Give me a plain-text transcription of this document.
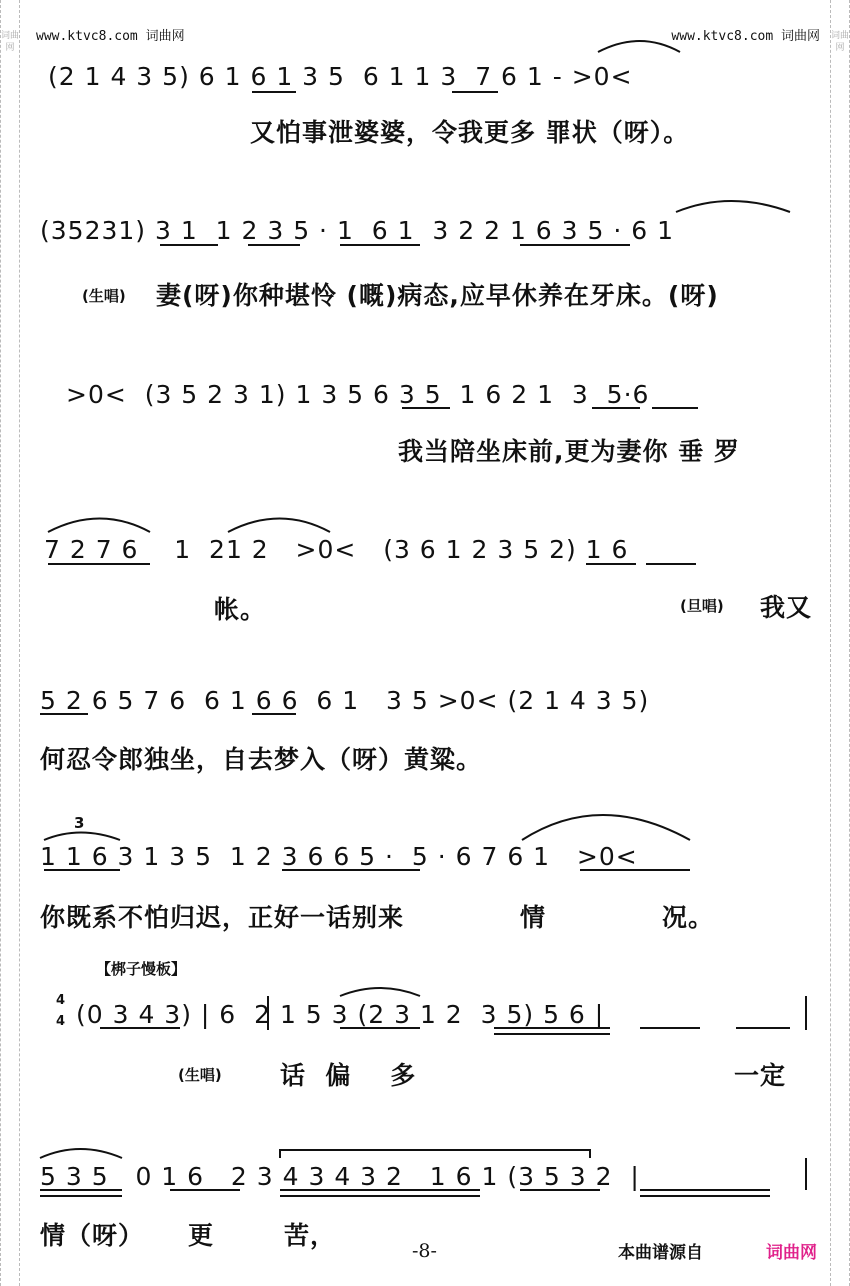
词曲网
词曲网
www.ktvc8.com 词曲网	www.ktvc8.com 词曲网
(2 1 4 3 5) 6 1 6 1 3 5  6 1 1 3  7 6 1 - >0<
又怕事泄婆婆，令我更多 罪状（呀）。
(35231) 3 1  1 2 3 5 · 1  6 1  3 2 2 1 6 3 5 · 6 1
(生唱) 妻(呀)你种堪怜 (嘅)病态,应早休养在牙床。(呀)
>0<  (3 5 2 3 1) 1 3 5 6 3 5  1 6 2 1  3  5·6
我当陪坐床前,更为妻你 垂 罗
7 2 7 6    1  21 2   >0<   (3 6 1 2 3 5 2) 1 6
帐。	(旦唱) 我又
5 2 6 5 7 6  6 1 6 6  6 1   3 5 >0< (2 1 4 3 5)
何忍令郎独坐，自去梦入（呀）黄粱。
3
1 1 6 3 1 3 5  1 2 3 6 6 5 ·  5 · 6 7 6 1   >0<
你既系不怕归迟，正好一话别来	情	况。
【梆子慢板】
4
4 (0 3 4 3) | 6  2 1 5 3 (2 3 1 2  3 5) 5 6 |
(生唱) 话  偏    多	一定
5 3 5   0 1 6   2 3 4 3 4 3 2   1 6 1 (3 5 3 2  |
情（呀） 更	苦，
-8-	本曲谱源自	词曲网
